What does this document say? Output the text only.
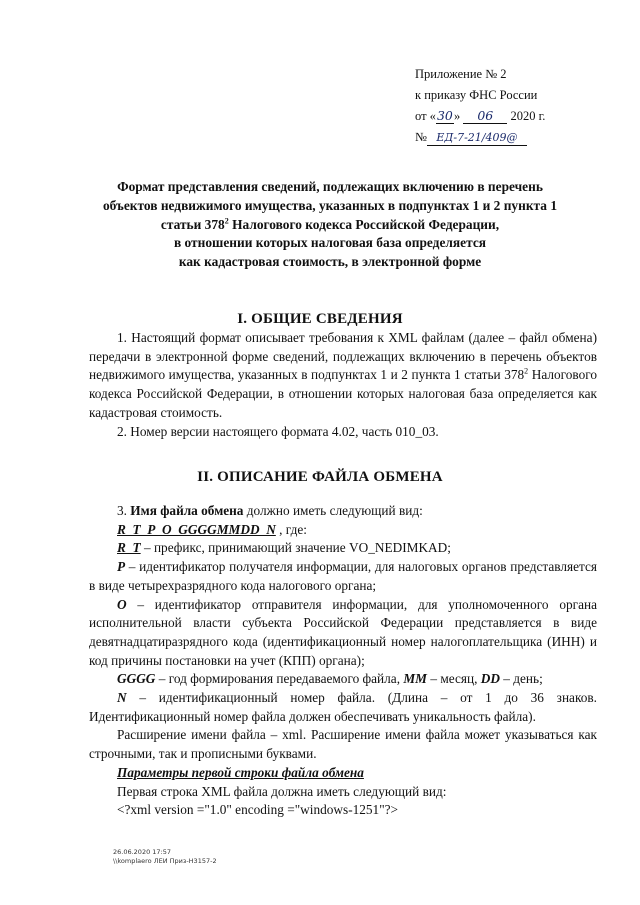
Приложение № 2
к приказу ФНС России
от «30» 06 2020 г.
№ ЕД-7-21/409@
Формат представления сведений, подлежащих включению в перечень
объектов недвижимого имущества, указанных в подпунктах 1 и 2 пункта 1
статьи $378^2$ Налогового кодекса Российской Федерации,
в отношении которых налоговая база определяется
как кадастровая стоимость, в электронной форме
I. ОБЩИЕ СВЕДЕНИЯ

1. Настоящий формат описывает требования к XML файлам (далее – файл обмена) передачи в электронной форме сведений, подлежащих включению в перечень объектов недвижимого имущества, указанных в подпунктах 1 и 2 пункта 1 статьи $378^2$ Налогового кодекса Российской Федерации, в отношении которых налоговая база определяется как кадастровая стоимость.

2. Номер версии настоящего формата 4.02, часть 010_03.

II. ОПИСАНИЕ ФАЙЛА ОБМЕНА

3. Имя файла обмена должно иметь следующий вид:

R_T_P_O_GGGGMMDD_N , где:

R_T – префикс, принимающий значение VO_NEDIMKAD;

P – идентификатор получателя информации, для налоговых органов представляется в виде четырехразрядного кода налогового органа;

O – идентификатор отправителя информации, для уполномоченного органа исполнительной власти субъекта Российской Федерации представляется в виде девятнадцатиразрядного кода (идентификационный номер налогоплательщика (ИНН) и код причины постановки на учет (КПП) органа);

GGGG – год формирования передаваемого файла, MM – месяц, DD – день;

N – идентификационный номер файла. (Длина – от 1 до 36 знаков. Идентификационный номер файла должен обеспечивать уникальность файла).

Расширение имени файла – xml. Расширение имени файла может указываться как строчными, так и прописными буквами.

Параметры первой строки файла обмена

Первая строка XML файла должна иметь следующий вид:

<?xml version ="1.0" encoding ="windows-1251"?>

26.06.2020 17:57
\\komplaero ЛЕИ Приз-Н3157-2
